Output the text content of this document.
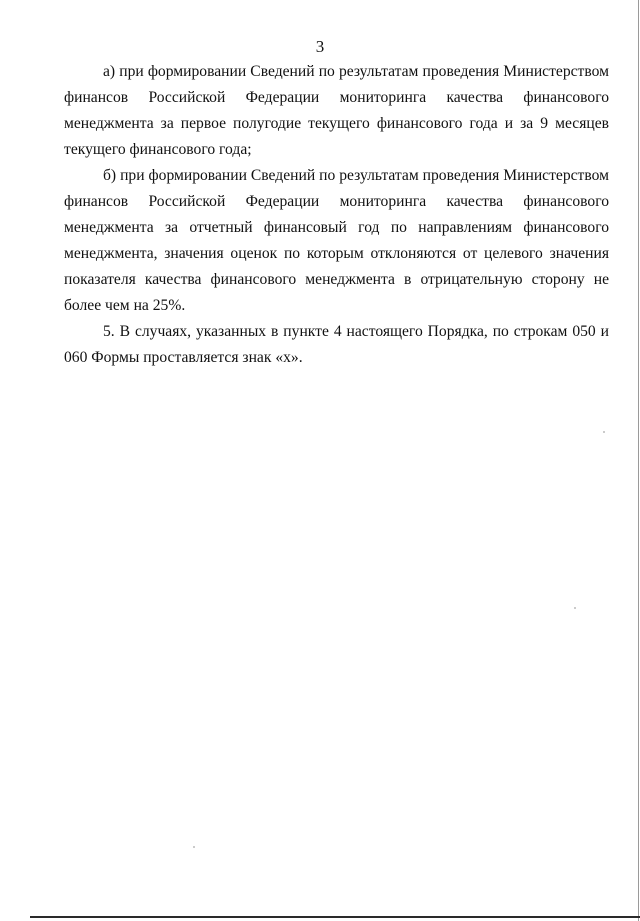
3

а) при формировании Сведений по результатам проведения Министерством финансов Российской Федерации мониторинга качества финансового менеджмента за первое полугодие текущего финансового года и за 9 месяцев текущего финансового года;

б) при формировании Сведений по результатам проведения Министерством финансов Российской Федерации мониторинга качества финансового менеджмента за отчетный финансовый год по направлениям финансового менеджмента, значения оценок по которым отклоняются от целевого значения показателя качества финансового менеджмента в отрицательную сторону не более чем на 25%.

5. В случаях, указанных в пункте 4 настоящего Порядка, по строкам 050 и 060 Формы проставляется знак «x».
